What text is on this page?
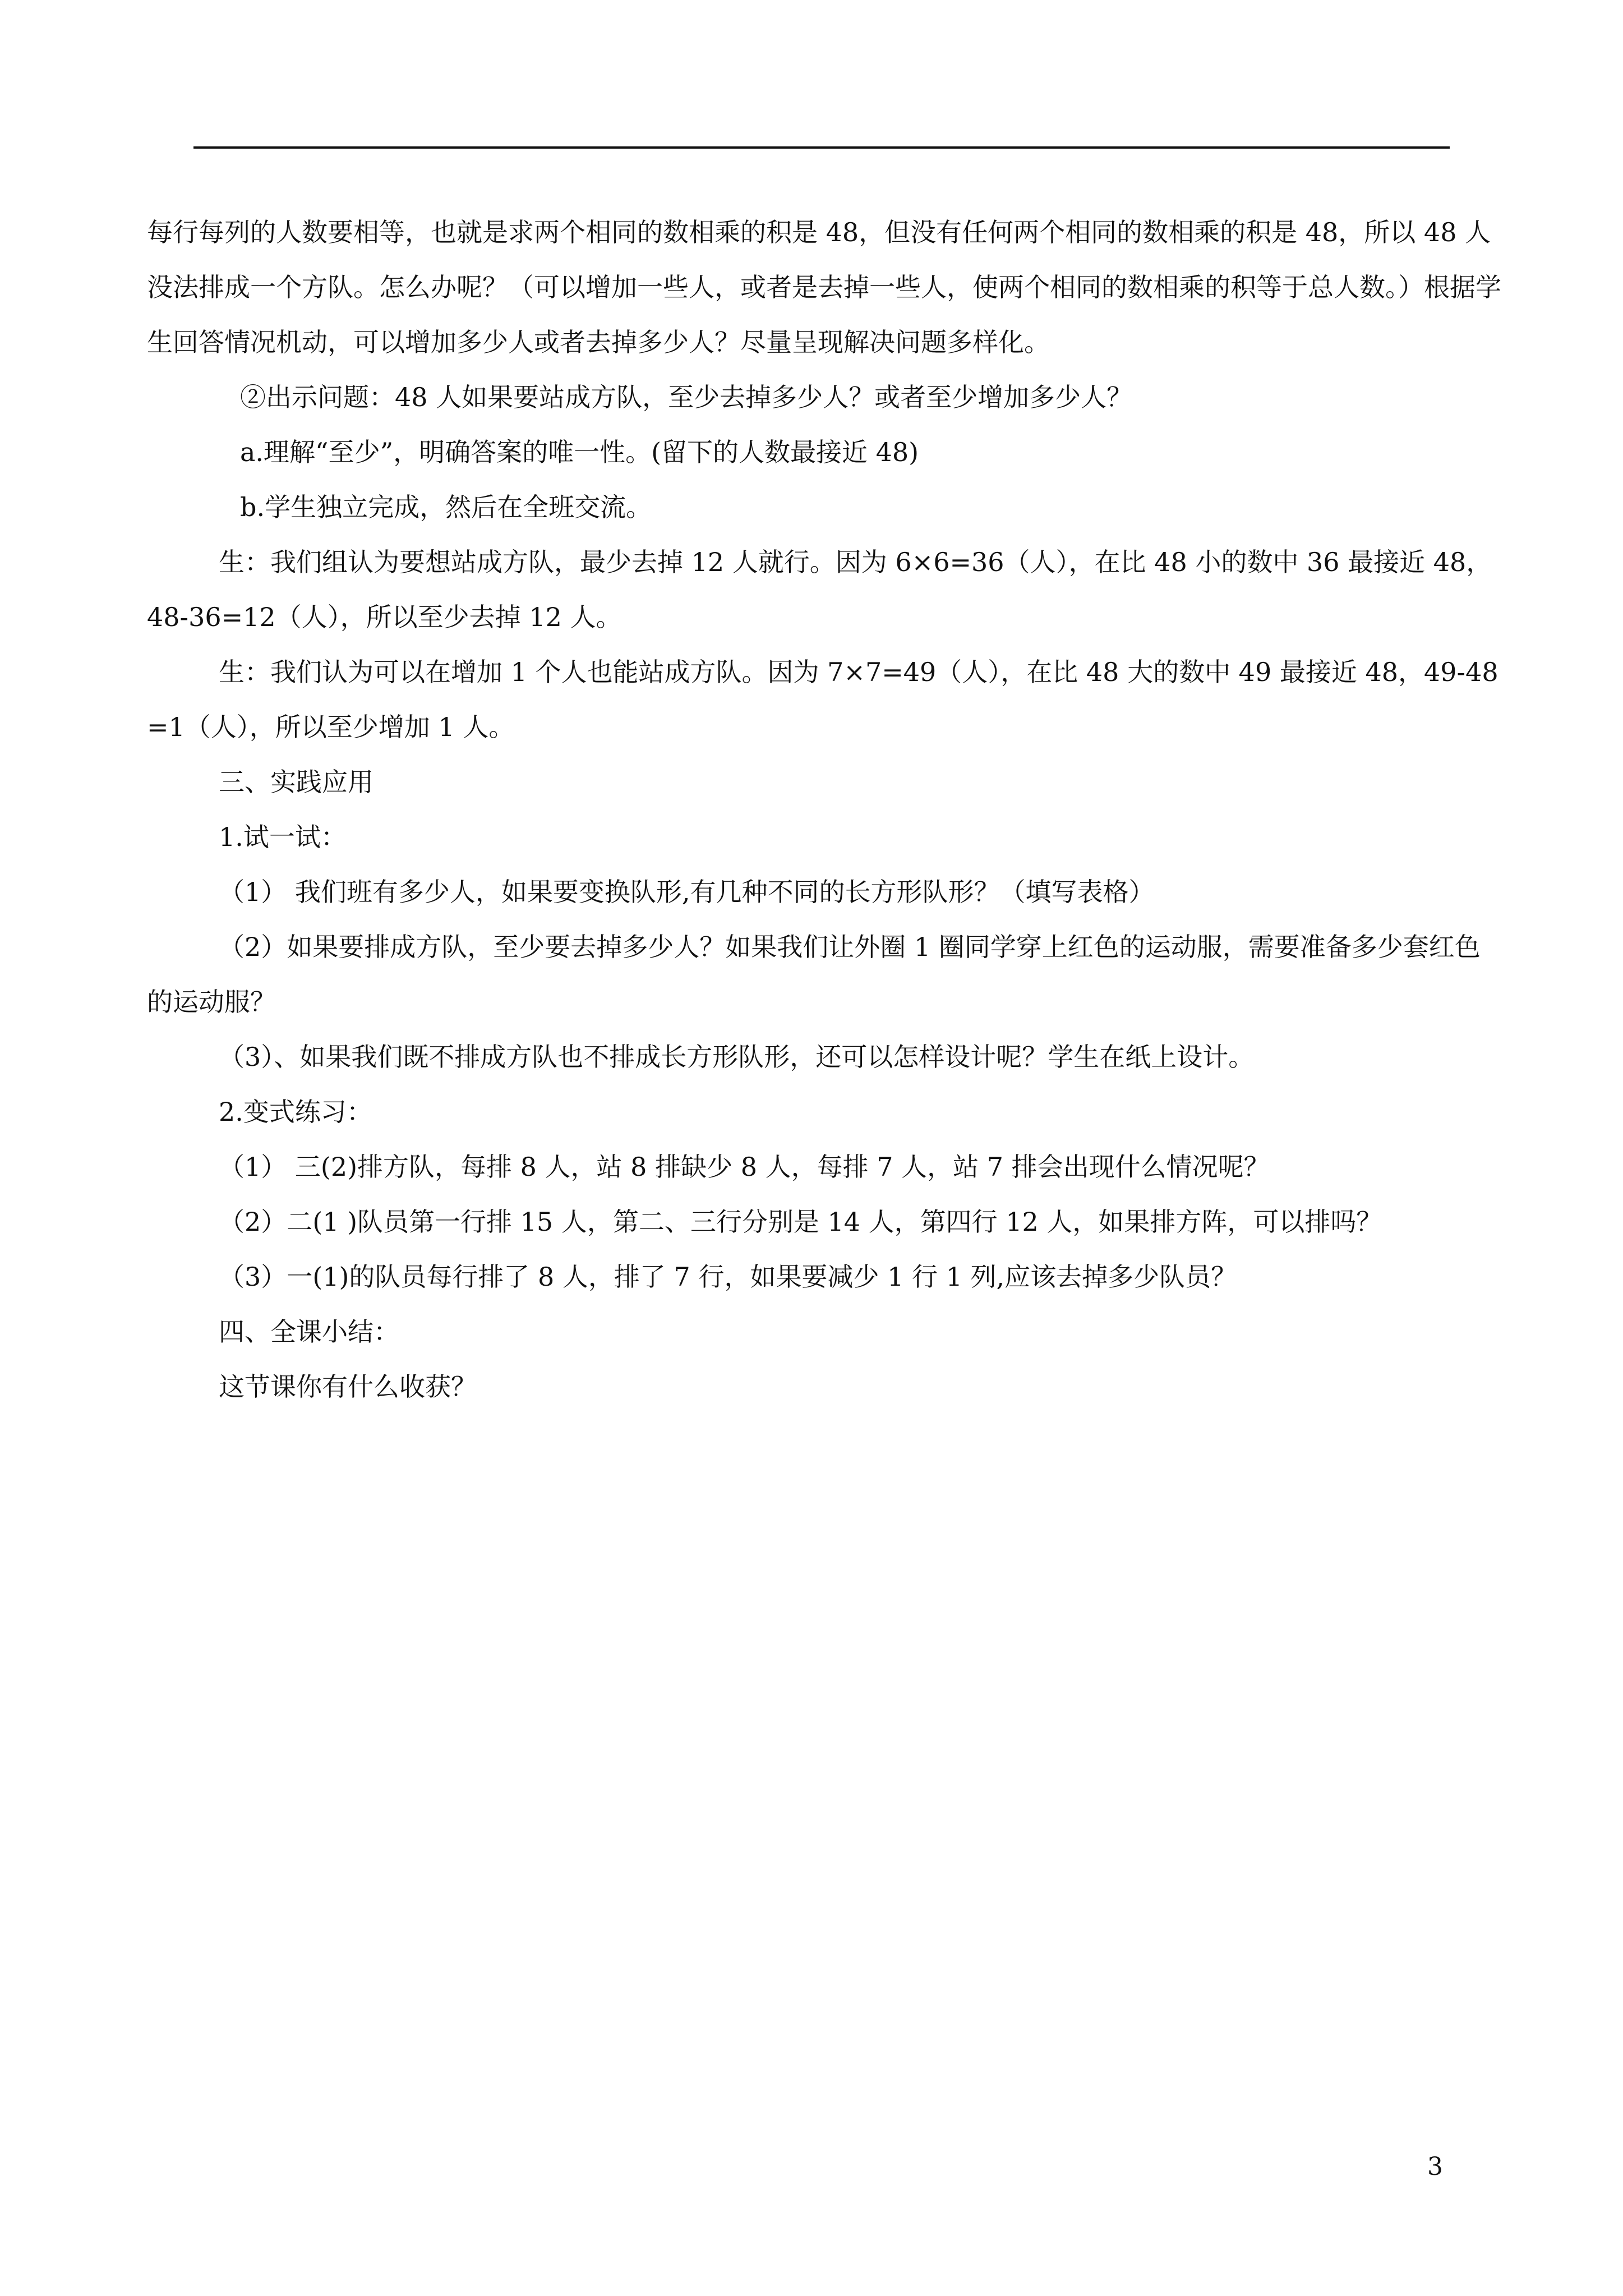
每行每列的人数要相等，也就是求两个相同的数相乘的积是 48，但没有任何两个相同的数相乘的积是 48，所以 48 人没法排成一个方队。怎么办呢？（可以增加一些人，或者是去掉一些人，使两个相同的数相乘的积等于总人数。）根据学生回答情况机动，可以增加多少人或者去掉多少人？尽量呈现解决问题多样化。

②出示问题：48 人如果要站成方队，至少去掉多少人？或者至少增加多少人？

a.理解“至少”，明确答案的唯一性。(留下的人数最接近 48)

b.学生独立完成，然后在全班交流。

生：我们组认为要想站成方队，最少去掉 12 人就行。因为 6×6=36（人），在比 48 小的数中 36 最接近 48，48-36=12（人），所以至少去掉 12 人。

生：我们认为可以在增加 1 个人也能站成方队。因为 7×7=49（人），在比 48 大的数中 49 最接近 48，49-48=1（人），所以至少增加 1 人。

三、实践应用

1.试一试：

（1） 我们班有多少人，如果要变换队形,有几种不同的长方形队形？（填写表格）

（2）如果要排成方队，至少要去掉多少人？如果我们让外圈 1 圈同学穿上红色的运动服，需要准备多少套红色的运动服？

（3）、如果我们既不排成方队也不排成长方形队形，还可以怎样设计呢？学生在纸上设计。

2.变式练习：

（1） 三(2)排方队，每排 8 人，站 8 排缺少 8 人，每排 7 人，站 7 排会出现什么情况呢？

（2）二(1 )队员第一行排 15 人，第二、三行分别是 14 人，第四行 12 人，如果排方阵，可以排吗？

（3）一(1)的队员每行排了 8 人，排了 7 行，如果要减少 1 行 1 列,应该去掉多少队员？

四、全课小结：

这节课你有什么收获？

3
